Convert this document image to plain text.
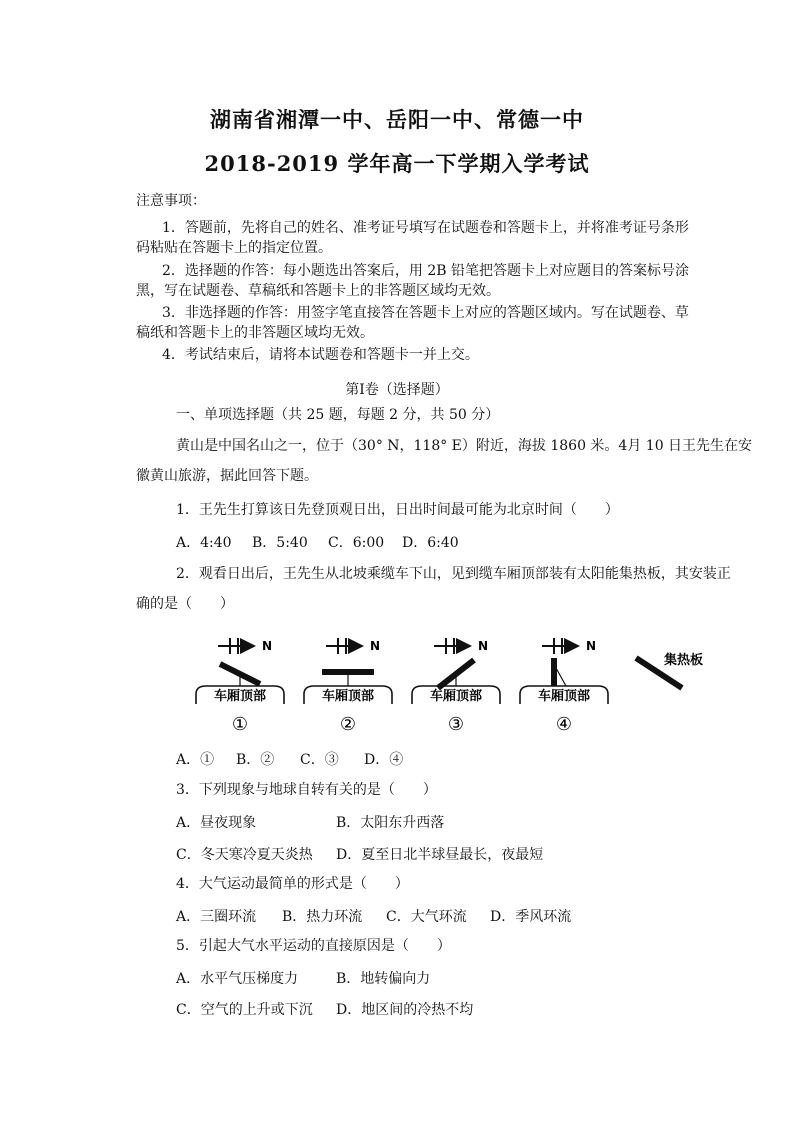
湖南省湘潭一中、岳阳一中、常德一中
2018-2019 学年高一下学期入学考试
注意事项：
1．答题前，先将自己的姓名、准考证号填写在试题卷和答题卡上，并将准考证号条形
码粘贴在答题卡上的指定位置。
2．选择题的作答：每小题选出答案后，用 2B 铅笔把答题卡上对应题目的答案标号涂
黑，写在试题卷、草稿纸和答题卡上的非答题区域均无效。
3．非选择题的作答：用签字笔直接答在答题卡上对应的答题区域内。写在试题卷、草
稿纸和答题卡上的非答题区域均无效。
4．考试结束后，请将本试题卷和答题卡一并上交。
第Ⅰ卷（选择题）
一、单项选择题（共 25 题，每题 2 分，共 50 分）
黄山是中国名山之一，位于（30° N，118° E）附近，海拔 1860 米。4月 10 日王先生在安
徽黄山旅游，据此回答下题。
1．王先生打算该日先登顶观日出，日出时间最可能为北京时间（　　）
A．4:40 B．5:40 C．6:00 D．6:40
2．观看日出后，王先生从北坡乘缆车下山，见到缆车厢顶部装有太阳能集热板，其安装正
确的是（　　）
N
车厢顶部
①
N
车厢顶部
②
N
车厢顶部
③
N
车厢顶部
④
集热板
A．① B．② C．③ D．④
3．下列现象与地球自转有关的是（　　）
A．昼夜现象	B．太阳东升西落
C．冬天寒冷夏天炎热 D．夏至日北半球昼最长，夜最短
4．大气运动最简单的形式是（　　）
A．三圈环流 B．热力环流 C．大气环流 D．季风环流
5．引起大气水平运动的直接原因是（　　）
A．水平气压梯度力	B．地转偏向力
C．空气的上升或下沉 D．地区间的冷热不均
